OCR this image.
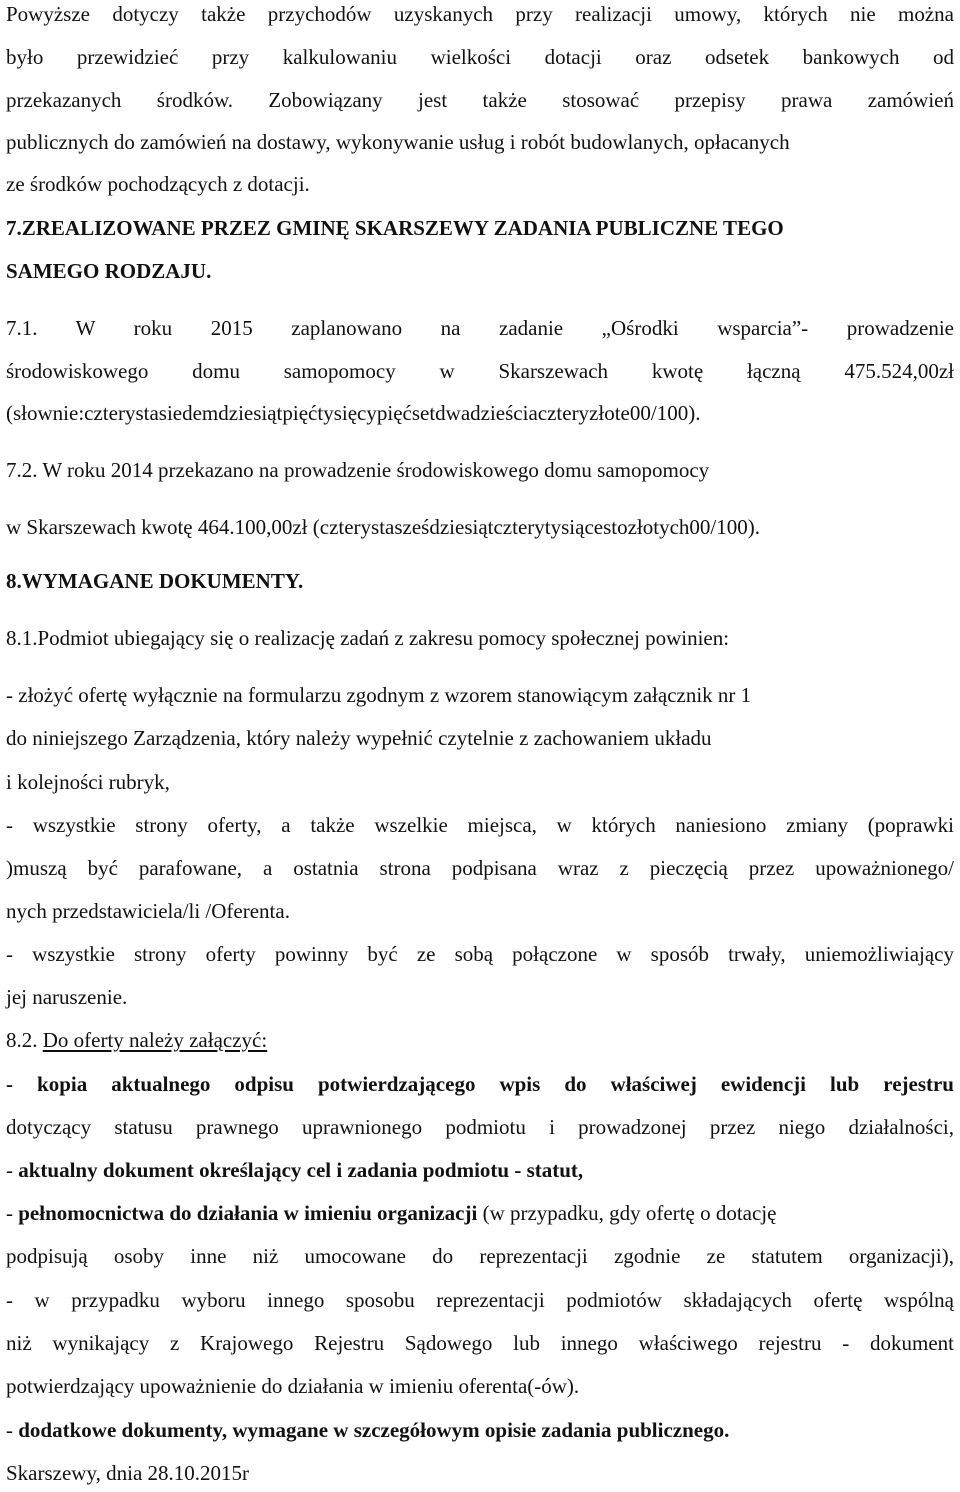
Powyższe dotyczy także przychodów uzyskanych przy realizacji umowy, których nie można
było przewidzieć przy kalkulowaniu wielkości dotacji oraz odsetek bankowych od
przekazanych środków. Zobowiązany jest także stosować przepisy prawa zamówień
publicznych do zamówień na dostawy, wykonywanie usług i robót budowlanych, opłacanych
ze środków pochodzących z dotacji.
7.ZREALIZOWANE PRZEZ GMINĘ SKARSZEWY ZADANIA PUBLICZNE TEGO
SAMEGO RODZAJU.
7.1. W roku 2015 zaplanowano na zadanie „Ośrodki wsparcia”- prowadzenie
środowiskowego domu samopomocy w Skarszewach kwotę łączną 475.524,00zł
(słownie:czterystasiedemdziesiątpięćtysięcypięćsetdwadzieściaczteryzłote00/100).
7.2. W roku 2014 przekazano na prowadzenie środowiskowego domu samopomocy
w Skarszewach kwotę 464.100,00zł (czterystasześdziesiątczterytysiącestozłotych00/100).
8.WYMAGANE DOKUMENTY.
8.1.Podmiot ubiegający się o realizację zadań z zakresu pomocy społecznej powinien:
- złożyć ofertę wyłącznie na formularzu zgodnym z wzorem stanowiącym załącznik nr 1
do niniejszego Zarządzenia, który należy wypełnić czytelnie z zachowaniem układu
i kolejności rubryk,
- wszystkie strony oferty, a także wszelkie miejsca, w których naniesiono zmiany (poprawki
)muszą być parafowane, a ostatnia strona podpisana wraz z pieczęcią przez upoważnionego/
nych przedstawiciela/li /Oferenta.
- wszystkie strony oferty powinny być ze sobą połączone w sposób trwały, uniemożliwiający
jej naruszenie.
8.2. Do oferty należy załączyć:
- kopia aktualnego odpisu potwierdzającego wpis do właściwej ewidencji lub rejestru
dotyczący statusu prawnego uprawnionego podmiotu i prowadzonej przez niego działalności,
- aktualny dokument określający cel i zadania podmiotu - statut,
- pełnomocnictwa do działania w imieniu organizacji (w przypadku, gdy ofertę o dotację
podpisują osoby inne niż umocowane do reprezentacji zgodnie ze statutem organizacji),
- w przypadku wyboru innego sposobu reprezentacji podmiotów składających ofertę wspólną
niż wynikający z Krajowego Rejestru Sądowego lub innego właściwego rejestru - dokument
potwierdzający upoważnienie do działania w imieniu oferenta(-ów).
- dodatkowe dokumenty, wymagane w szczegółowym opisie zadania publicznego.
Skarszewy, dnia 28.10.2015r
